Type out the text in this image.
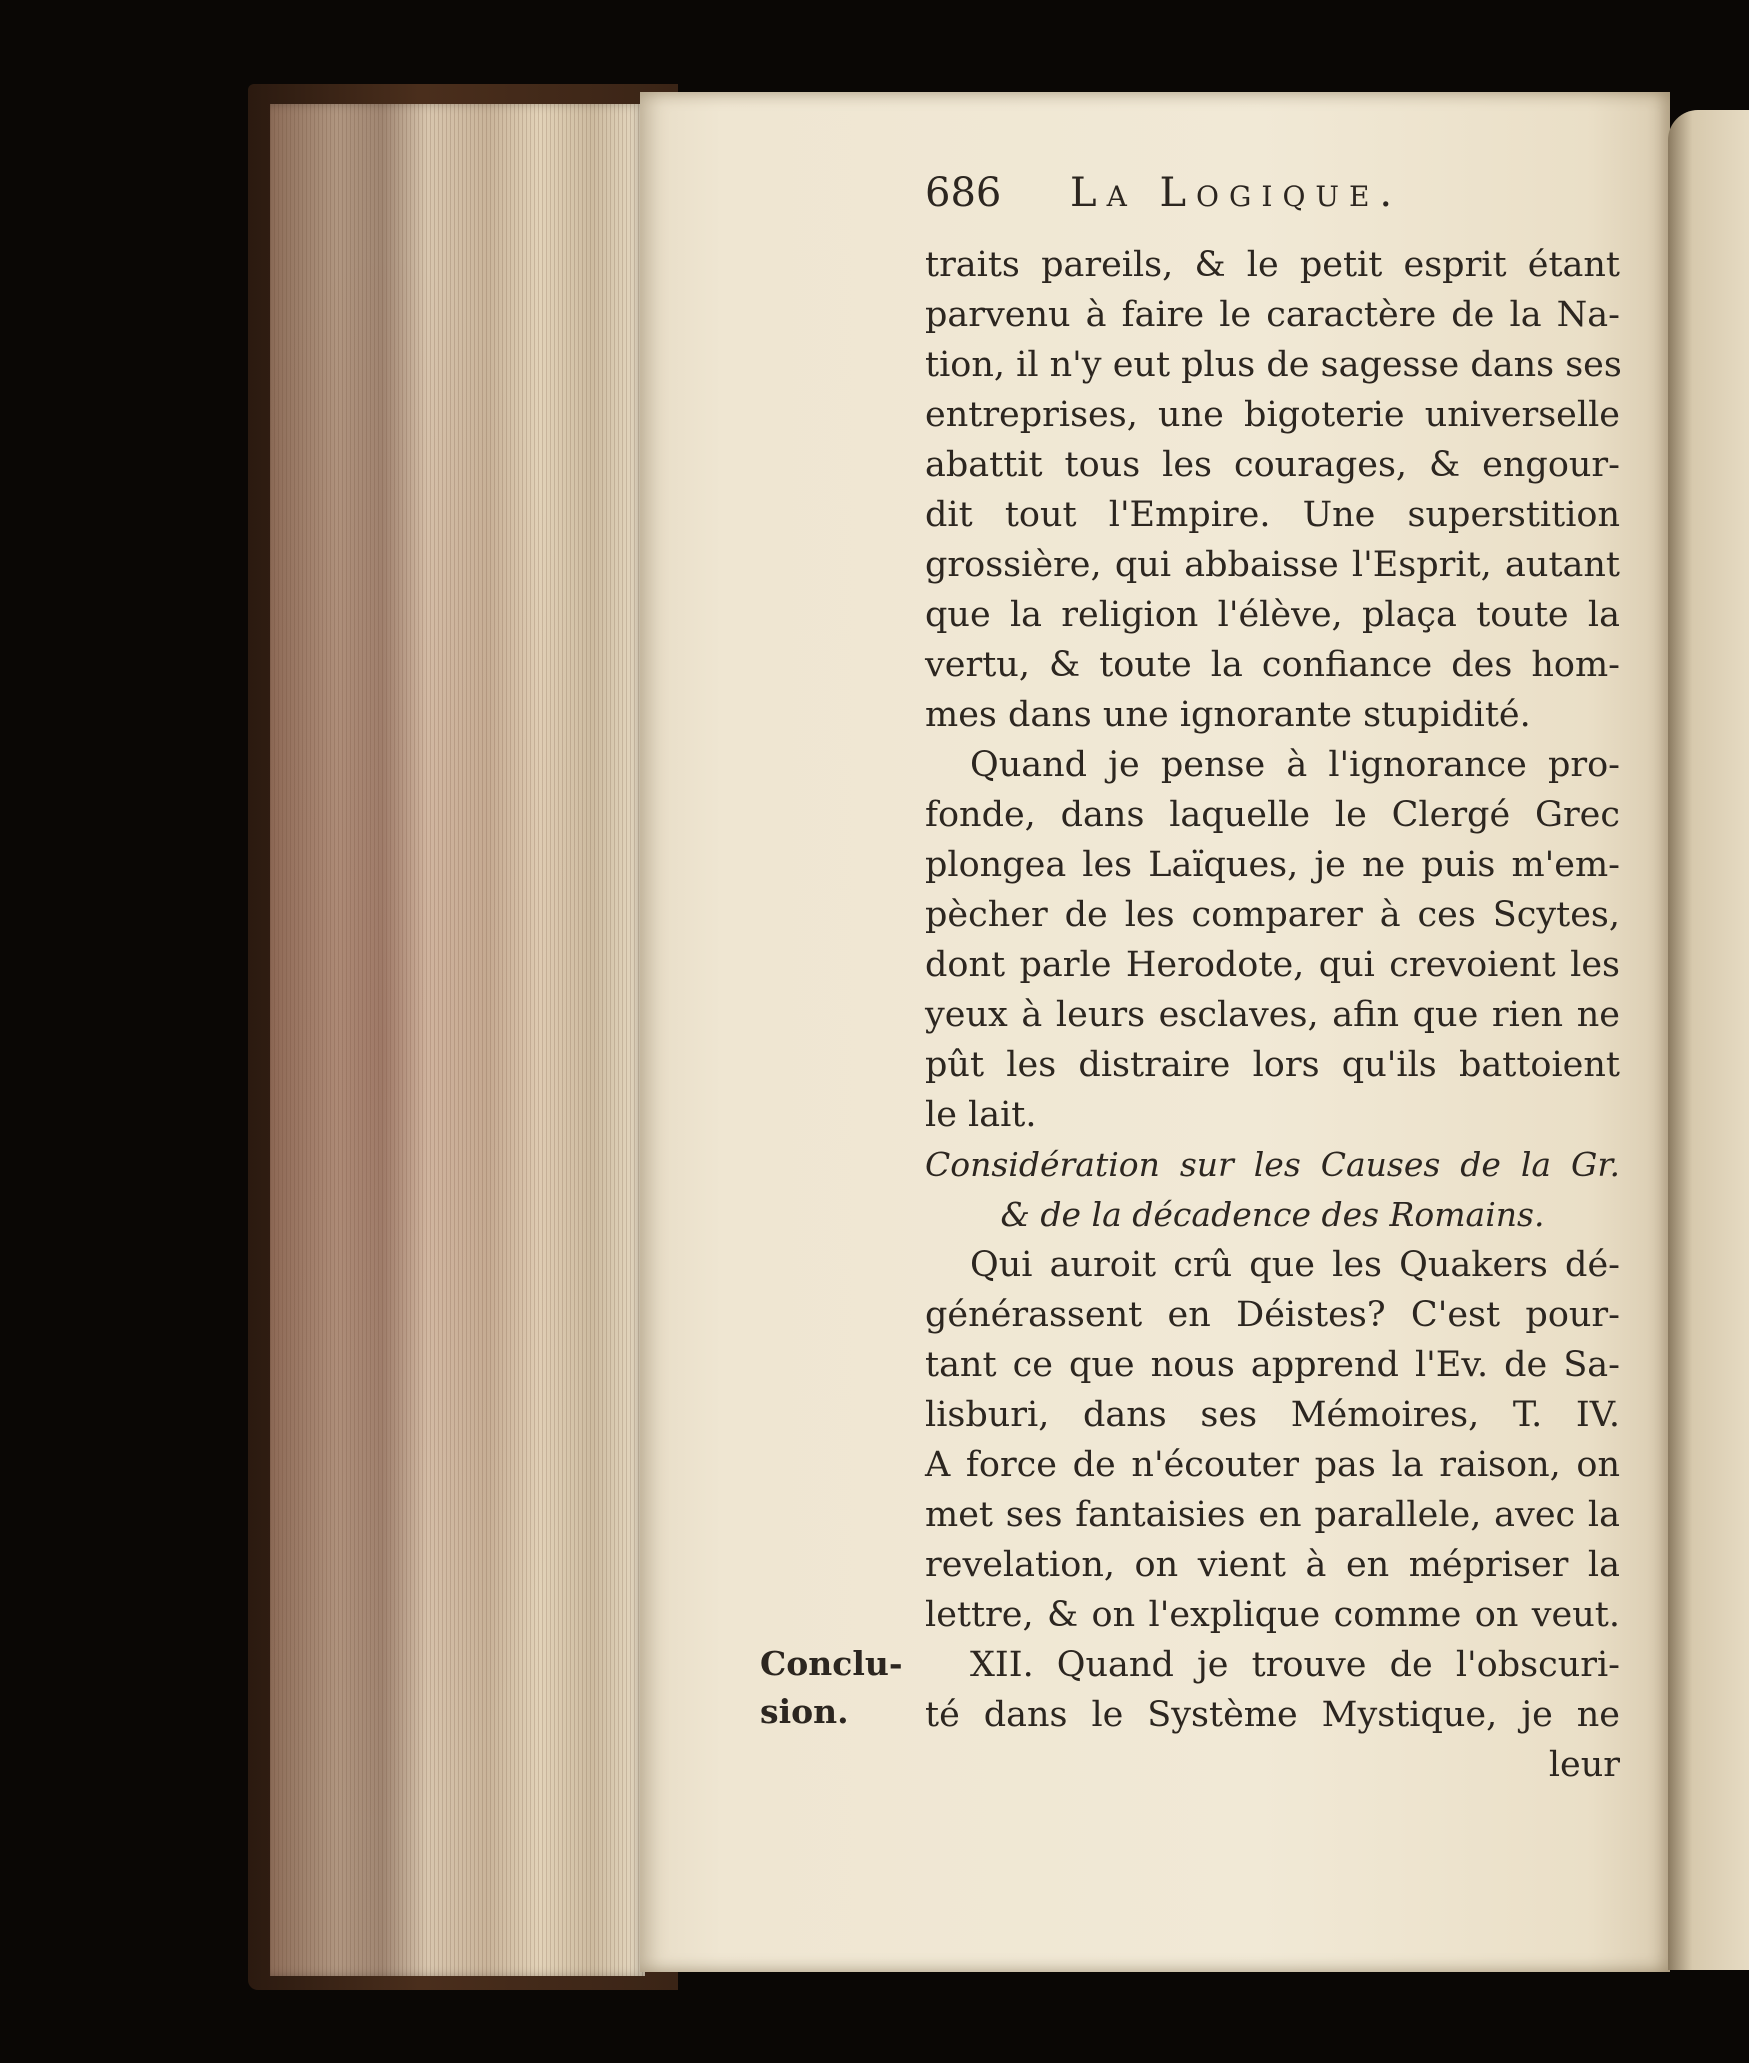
686	La Logique.
traits pareils, & le petit esprit étant
parvenu à faire le caractère de la Na-
tion, il n'y eut plus de sagesse dans ses
entreprises, une bigoterie universelle
abattit tous les courages, & engour-
dit tout l'Empire. Une superstition
grossière, qui abbaisse l'Esprit, autant
que la religion l'élève, plaça toute la
vertu, & toute la confiance des hom-
mes dans une ignorante stupidité.
Quand je pense à l'ignorance pro-
fonde, dans laquelle le Clergé Grec
plongea les Laïques, je ne puis m'em-
pècher de les comparer à ces Scytes,
dont parle Herodote, qui crevoient les
yeux à leurs esclaves, afin que rien ne
pût les distraire lors qu'ils battoient
le lait.
Considération sur les Causes de la Gr.
& de la décadence des Romains.
Qui auroit crû que les Quakers dé-
générassent en Déistes? C'est pour-
tant ce que nous apprend l'Ev. de Sa-
lisburi, dans ses Mémoires, T. IV.
A force de n'écouter pas la raison, on
met ses fantaisies en parallele, avec la
revelation, on vient à en mépriser la
lettre, & on l'explique comme on veut.
XII. Quand je trouve de l'obscuri-
té dans le Système Mystique, je ne
leur
Conclu-
sion.
